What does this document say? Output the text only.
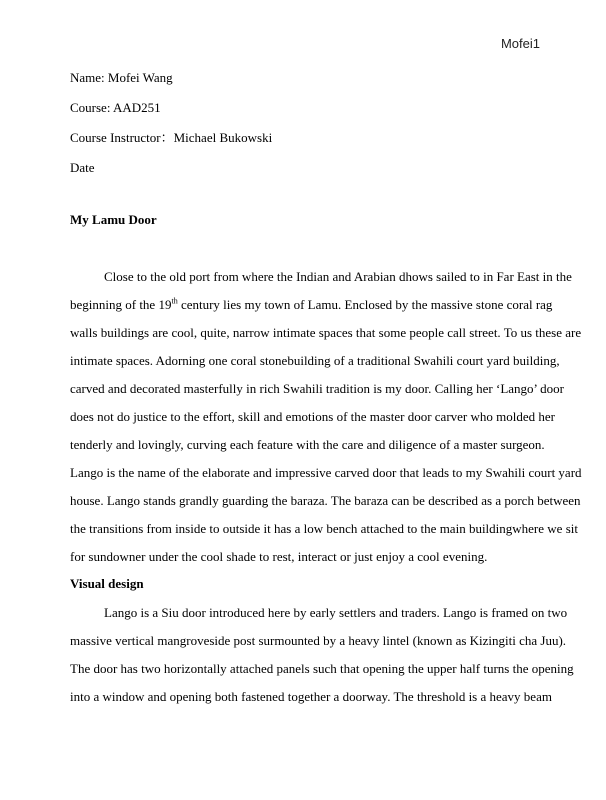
Mofei1
Name: Mofei Wang
Course: AAD251
Course Instructor：Michael Bukowski
Date
My Lamu Door
Close to the old port from where the Indian and Arabian dhows sailed to in Far East in the
beginning of the 19th century lies my town of Lamu. Enclosed by the massive stone coral rag
walls buildings are cool, quite, narrow intimate spaces that some people call street. To us these are
intimate spaces. Adorning one coral stonebuilding of a traditional Swahili court yard building,
carved and decorated masterfully in rich Swahili tradition is my door. Calling her ‘Lango’ door
does not do justice to the effort, skill and emotions of the master door carver who molded her
tenderly and lovingly, curving each feature with the care and diligence of a master surgeon.
Lango is the name of the elaborate and impressive carved door that leads to my Swahili court yard
house. Lango stands grandly guarding the baraza. The baraza can be described as a porch between
the transitions from inside to outside it has a low bench attached to the main buildingwhere we sit
for sundowner under the cool shade to rest, interact or just enjoy a cool evening.
Visual design
Lango is a Siu door introduced here by early settlers and traders. Lango is framed on two
massive vertical mangroveside post surmounted by a heavy lintel (known as Kizingiti cha Juu).
The door has two horizontally attached panels such that opening the upper half turns the opening
into a window and opening both fastened together a doorway. The threshold is a heavy beam
